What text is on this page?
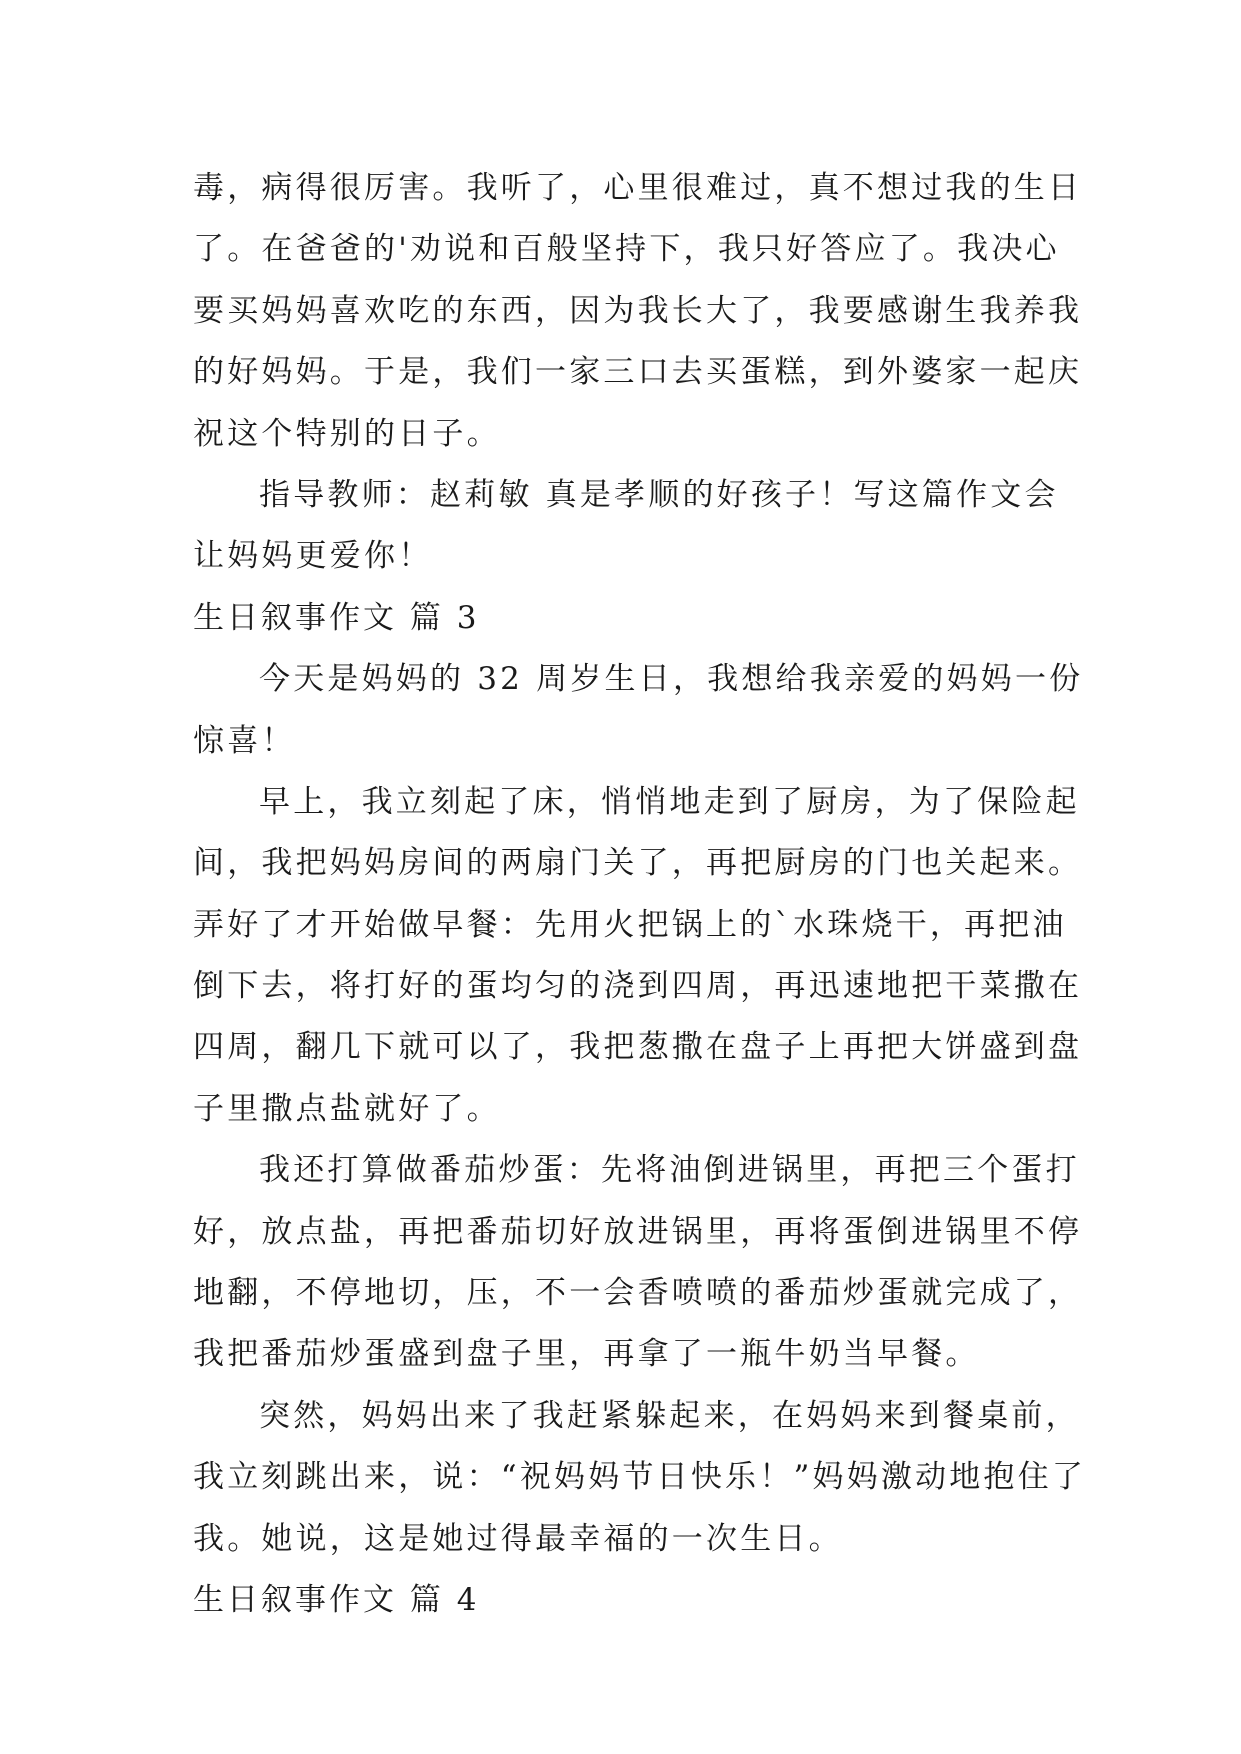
毒，病得很厉害。我听了，心里很难过，真不想过我的生日
了。在爸爸的'劝说和百般坚持下，我只好答应了。我决心
要买妈妈喜欢吃的东西，因为我长大了，我要感谢生我养我
的好妈妈。于是，我们一家三口去买蛋糕，到外婆家一起庆
祝这个特别的日子。
指导教师：赵莉敏 真是孝顺的好孩子！写这篇作文会
让妈妈更爱你！
生日叙事作文 篇 3
今天是妈妈的 32 周岁生日，我想给我亲爱的妈妈一份
惊喜！
早上，我立刻起了床，悄悄地走到了厨房，为了保险起
间，我把妈妈房间的两扇门关了，再把厨房的门也关起来。
弄好了才开始做早餐：先用火把锅上的`水珠烧干，再把油
倒下去，将打好的蛋均匀的浇到四周，再迅速地把干菜撒在
四周，翻几下就可以了，我把葱撒在盘子上再把大饼盛到盘
子里撒点盐就好了。
我还打算做番茄炒蛋：先将油倒进锅里，再把三个蛋打
好，放点盐，再把番茄切好放进锅里，再将蛋倒进锅里不停
地翻，不停地切，压，不一会香喷喷的番茄炒蛋就完成了，
我把番茄炒蛋盛到盘子里，再拿了一瓶牛奶当早餐。
突然，妈妈出来了我赶紧躲起来，在妈妈来到餐桌前，
我立刻跳出来，说：“祝妈妈节日快乐！”妈妈激动地抱住了
我。她说，这是她过得最幸福的一次生日。
生日叙事作文 篇 4
